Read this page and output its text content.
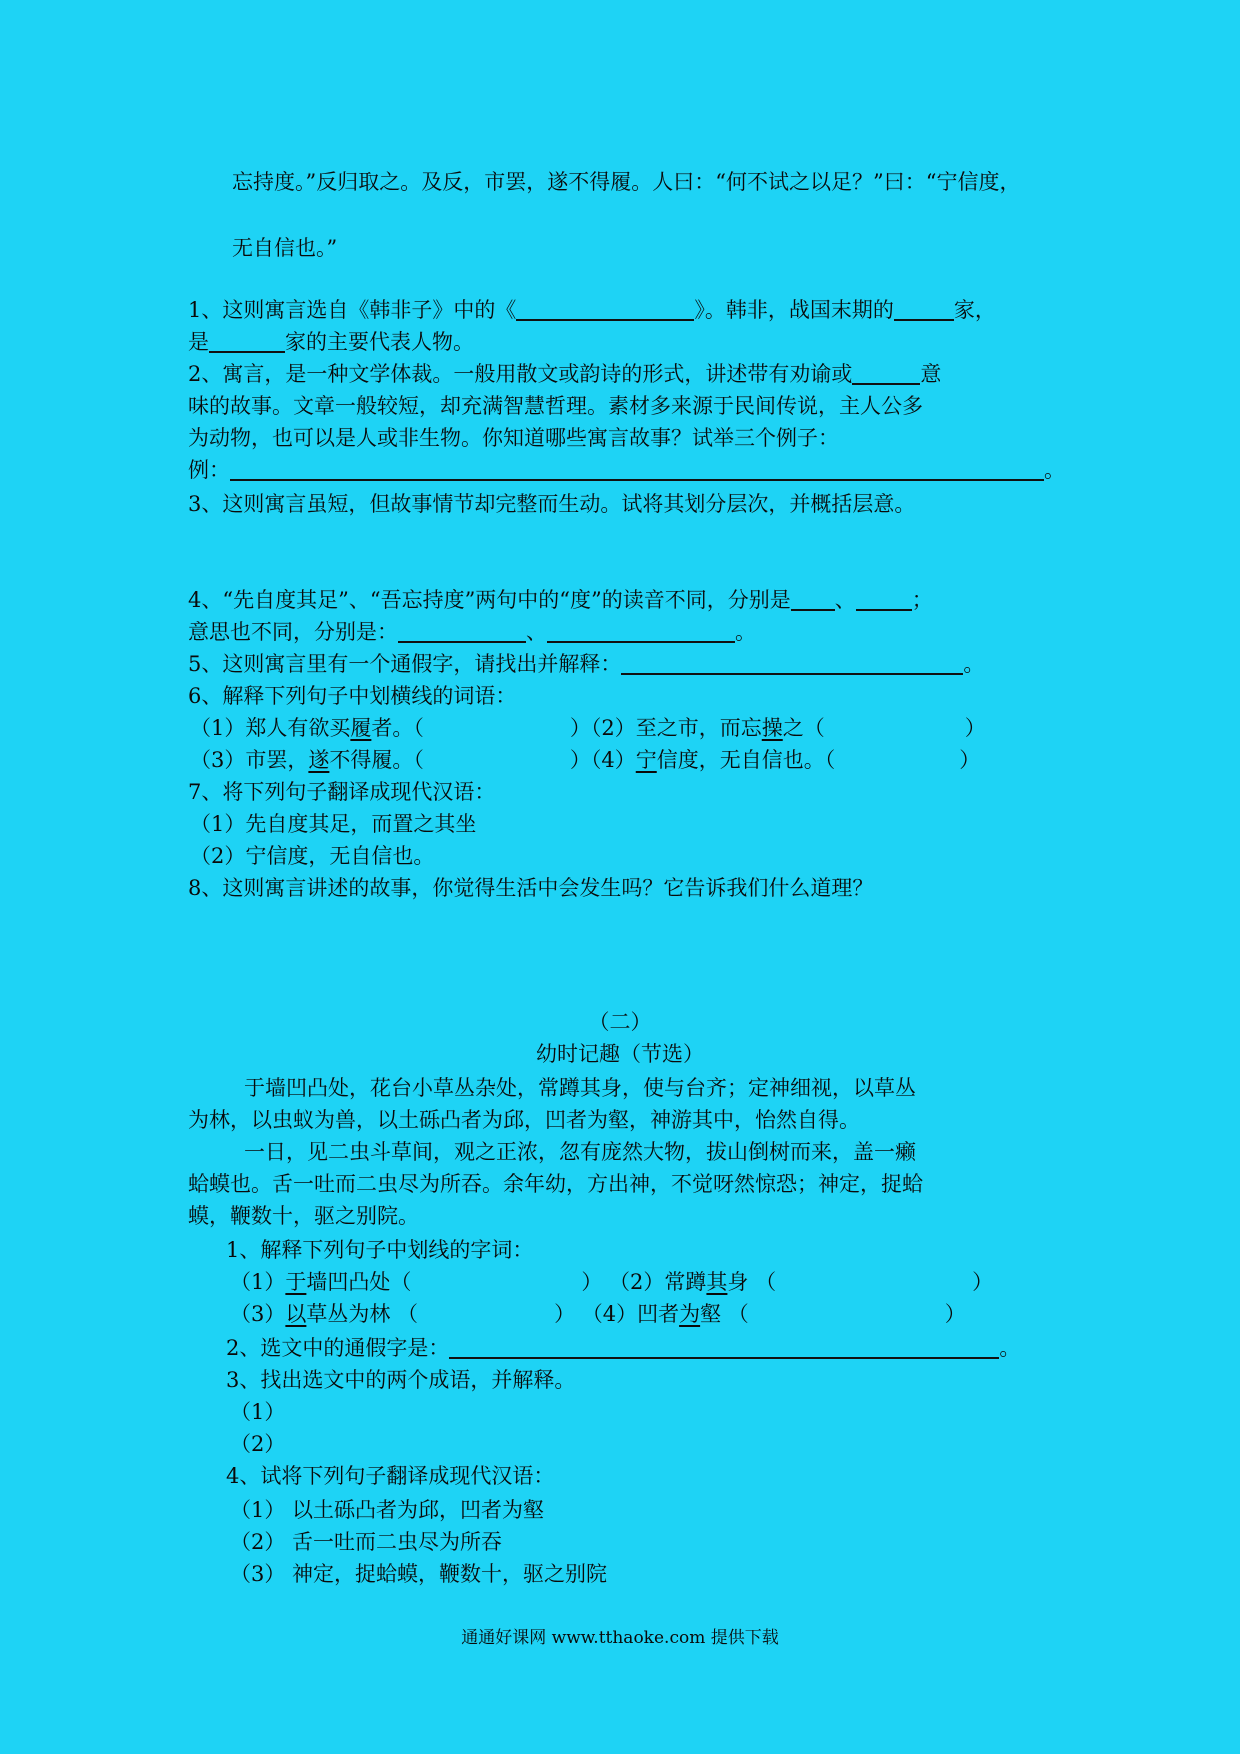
忘持度。”反归取之。及反，市罢，遂不得履。人曰：“何不试之以足？”曰：“宁信度，
无自信也。”
1、这则寓言选自《韩非子》中的《	》。韩非，战国末期的	家，
是	家的主要代表人物。
2、寓言，是一种文学体裁。一般用散文或韵诗的形式，讲述带有劝谕或	意
味的故事。文章一般较短，却充满智慧哲理。素材多来源于民间传说，主人公多
为动物，也可以是人或非生物。你知道哪些寓言故事？试举三个例子：
例：	。
3、这则寓言虽短，但故事情节却完整而生动。试将其划分层次，并概括层意。
4、“先自度其足”、“吾忘持度”两句中的“度”的读音不同，分别是 、	；
意思也不同，分别是：	、	。
5、这则寓言里有一个通假字，请找出并解释：	。
6、解释下列句子中划横线的词语：
（1）郑人有欲买履者。（	）（2）至之市，而忘操之（	）
（3）市罢，遂不得履。（	）（4）宁信度，无自信也。（	）
7、将下列句子翻译成现代汉语：
（1）先自度其足，而置之其坐
（2）宁信度，无自信也。
8、这则寓言讲述的故事，你觉得生活中会发生吗？它告诉我们什么道理？
（二）
幼时记趣（节选）
于墙凹凸处，花台小草丛杂处，常蹲其身，使与台齐；定神细视，以草丛
为林，以虫蚁为兽，以土砾凸者为邱，凹者为壑，神游其中，怡然自得。
一日，见二虫斗草间，观之正浓，忽有庞然大物，拔山倒树而来，盖一癞
蛤蟆也。舌一吐而二虫尽为所吞。余年幼，方出神，不觉呀然惊恐；神定，捉蛤
蟆，鞭数十，驱之别院。
1、解释下列句子中划线的字词：
（1）于墙凹凸处（	） （2）常蹲其身 （	）
（3）以草丛为林 （	） （4）凹者为壑 （	）
2、选文中的通假字是：	。
3、找出选文中的两个成语，并解释。
（1）
（2）
4、试将下列句子翻译成现代汉语：
（1） 以土砾凸者为邱，凹者为壑
（2） 舌一吐而二虫尽为所吞
（3） 神定，捉蛤蟆，鞭数十，驱之别院
通通好课网 www.tthaoke.com 提供下载
